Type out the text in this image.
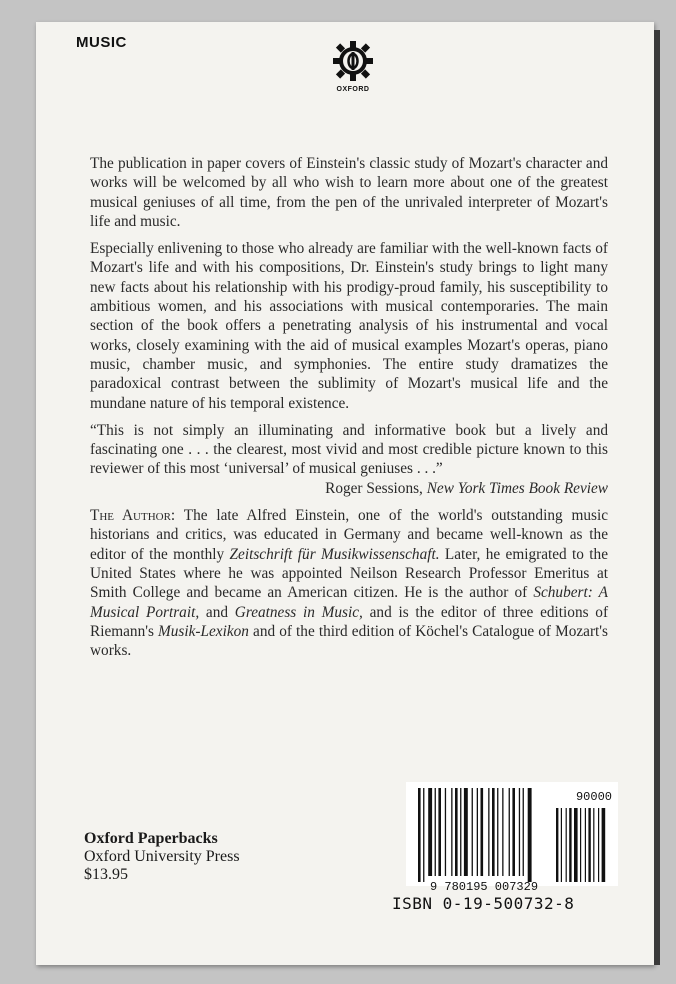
MUSIC
OXFORD

The publication in paper covers of Einstein's classic study of Mozart's character and works will be welcomed by all who wish to learn more about one of the greatest musical geniuses of all time, from the pen of the unrivaled interpreter of Mozart's life and music.

Especially enlivening to those who already are familiar with the well-known facts of Mozart's life and with his compositions, Dr. Einstein's study brings to light many new facts about his relationship with his prodigy-proud family, his susceptibility to ambitious women, and his associations with musical contemporaries. The main section of the book offers a penetrating analysis of his instrumental and vocal works, closely examining with the aid of musical examples Mozart's operas, piano music, chamber music, and symphonies. The entire study dramatizes the paradoxical contrast between the sublimity of Mozart's musical life and the mundane nature of his temporal existence.

“This is not simply an illuminating and informative book but a lively and fascinating one . . . the clearest, most vivid and most credible picture known to this reviewer of this most ‘universal’ of musical geniuses . . .”

Roger Sessions, New York Times Book Review

The Author: The late Alfred Einstein, one of the world's outstanding music historians and critics, was educated in Germany and became well-known as the editor of the monthly Zeitschrift für Musikwissenschaft. Later, he emigrated to the United States where he was appointed Neilson Research Professor Emeritus at Smith College and became an American citizen. He is the author of Schubert: A Musical Portrait, and Greatness in Music, and is the editor of three editions of Riemann's Musik-Lexikon and of the third edition of Köchel's Catalogue of Mozart's works.

Oxford Paperbacks
Oxford University Press
$13.95
90000
9 780195 007329
ISBN 0-19-500732-8
